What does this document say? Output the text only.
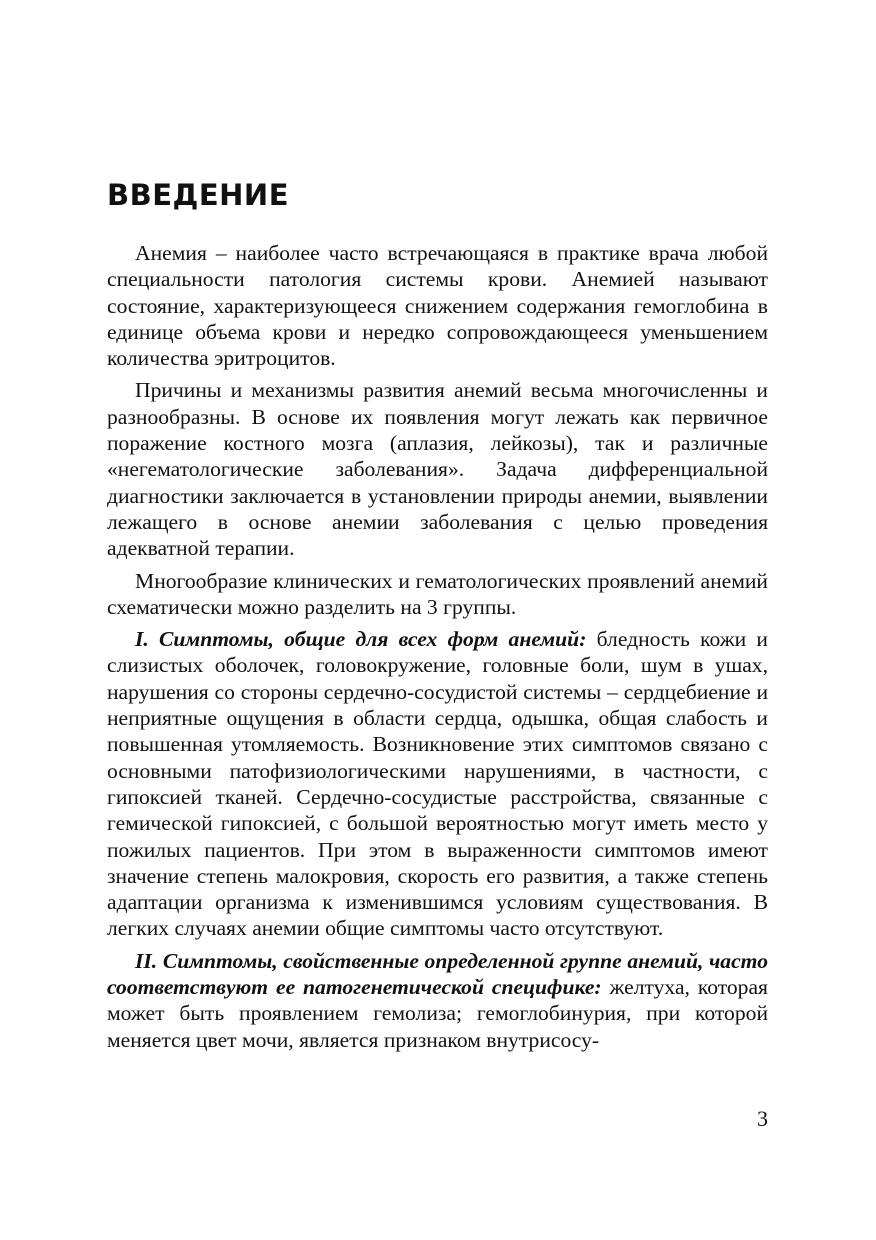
ВВЕДЕНИЕ

Анемия – наиболее часто встречающаяся в практике врача любой специальности патология системы крови. Анемией называют состояние, характеризующееся снижением содержания гемоглобина в единице объема крови и нередко сопровождающееся уменьшением количества эритроцитов.

Причины и механизмы развития анемий весьма многочисленны и разнообразны. В основе их появления могут лежать как первичное поражение костного мозга (аплазия, лейкозы), так и различные «негематологические заболевания». Задача дифференциальной диагностики заключается в установлении природы анемии, выявлении лежащего в основе анемии заболевания с целью проведения адекватной терапии.

Многообразие клинических и гематологических проявлений анемий схематически можно разделить на 3 группы.

I. Симптомы, общие для всех форм анемий: бледность кожи и слизистых оболочек, головокружение, головные боли, шум в ушах, нарушения со стороны сердечно-сосудистой системы – сердцебиение и неприятные ощущения в области сердца, одышка, общая слабость и повышенная утомляемость. Возникновение этих симптомов связано с основными патофизиологическими нарушениями, в частности, с гипоксией тканей. Сердечно-сосудистые расстройства, связанные с гемической гипоксией, с большой вероятностью могут иметь место у пожилых пациентов. При этом в выраженности симптомов имеют значение степень малокровия, скорость его развития, а также степень адаптации организма к изменившимся условиям существования. В легких случаях анемии общие симптомы часто отсутствуют.

II. Симптомы, свойственные определенной группе анемий, часто соответствуют ее патогенетической специфике: желтуха, которая может быть проявлением гемолиза; гемоглобинурия, при которой меняется цвет мочи, является признаком внутрисосу-

3
